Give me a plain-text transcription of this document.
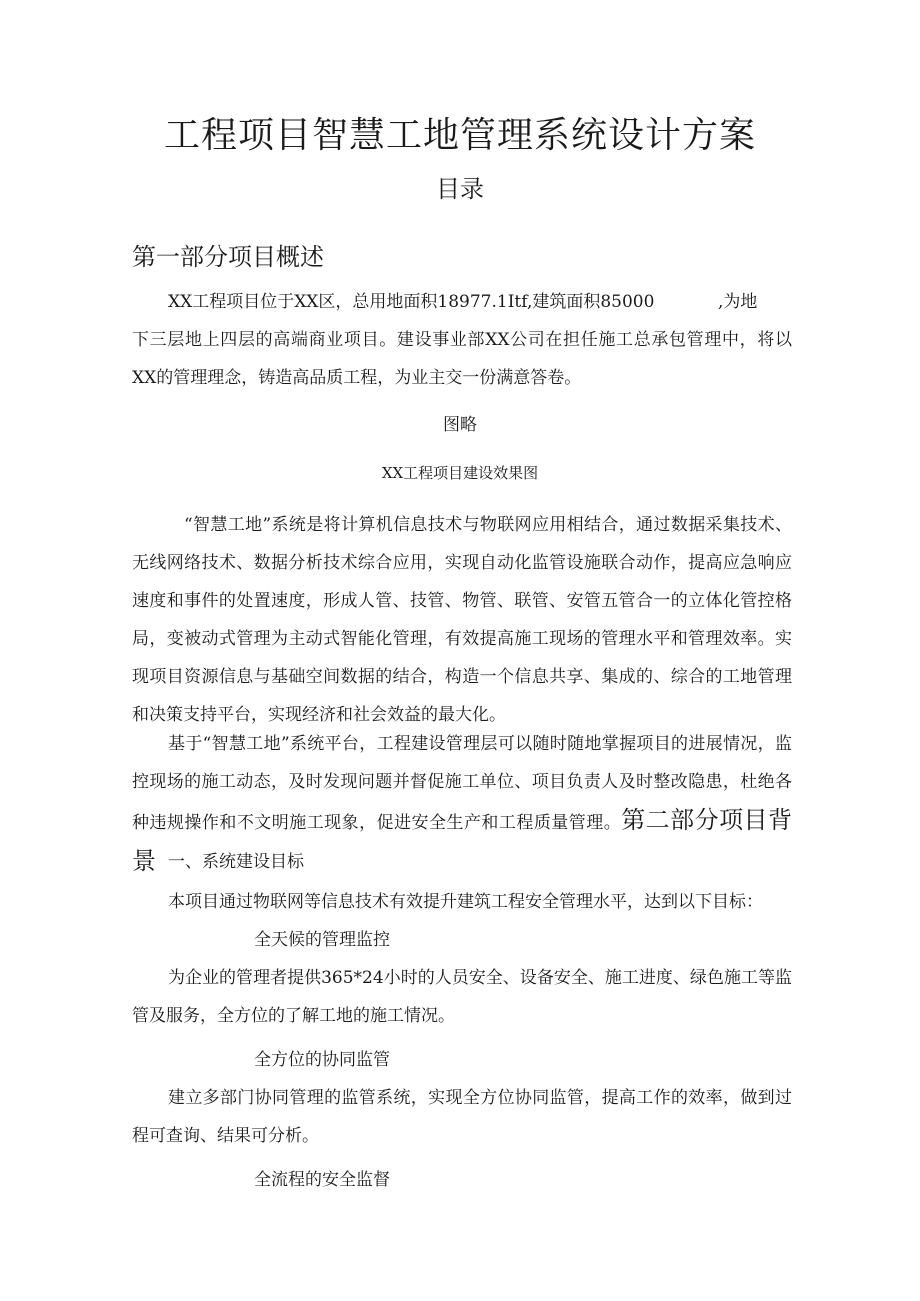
工程项目智慧工地管理系统设计方案
目录
第一部分项目概述
XX工程项目位于XX区，总用地面积18977.1Itf,建筑面积85000	,为地

下三层地上四层的高端商业项目。建设事业部XX公司在担任施工总承包管理中，将以XX的管理理念，铸造高品质工程，为业主交一份满意答卷。

图略
XX工程项目建设效果图

“智慧工地”系统是将计算机信息技术与物联网应用相结合，通过数据采集技术、无线网络技术、数据分析技术综合应用，实现自动化监管设施联合动作，提高应急响应速度和事件的处置速度，形成人管、技管、物管、联管、安管五管合一的立体化管控格局，变被动式管理为主动式智能化管理，有效提高施工现场的管理水平和管理效率。实现项目资源信息与基础空间数据的结合，构造一个信息共享、集成的、综合的工地管理和决策支持平台，实现经济和社会效益的最大化。

基于“智慧工地”系统平台，工程建设管理层可以随时随地掌握项目的进展情况，监控现场的施工动态，及时发现问题并督促施工单位、项目负责人及时整改隐患，杜绝各种违规操作和不文明施工现象，促进安全生产和工程质量管理。第二部分项目背景 一、系统建设目标
本项目通过物联网等信息技术有效提升建筑工程安全管理水平，达到以下目标：
全天候的管理监控

为企业的管理者提供365*24小时的人员安全、设备安全、施工进度、绿色施工等监管及服务，全方位的了解工地的施工情况。

全方位的协同监管

建立多部门协同管理的监管系统，实现全方位协同监管，提高工作的效率，做到过程可查询、结果可分析。

全流程的安全监督
